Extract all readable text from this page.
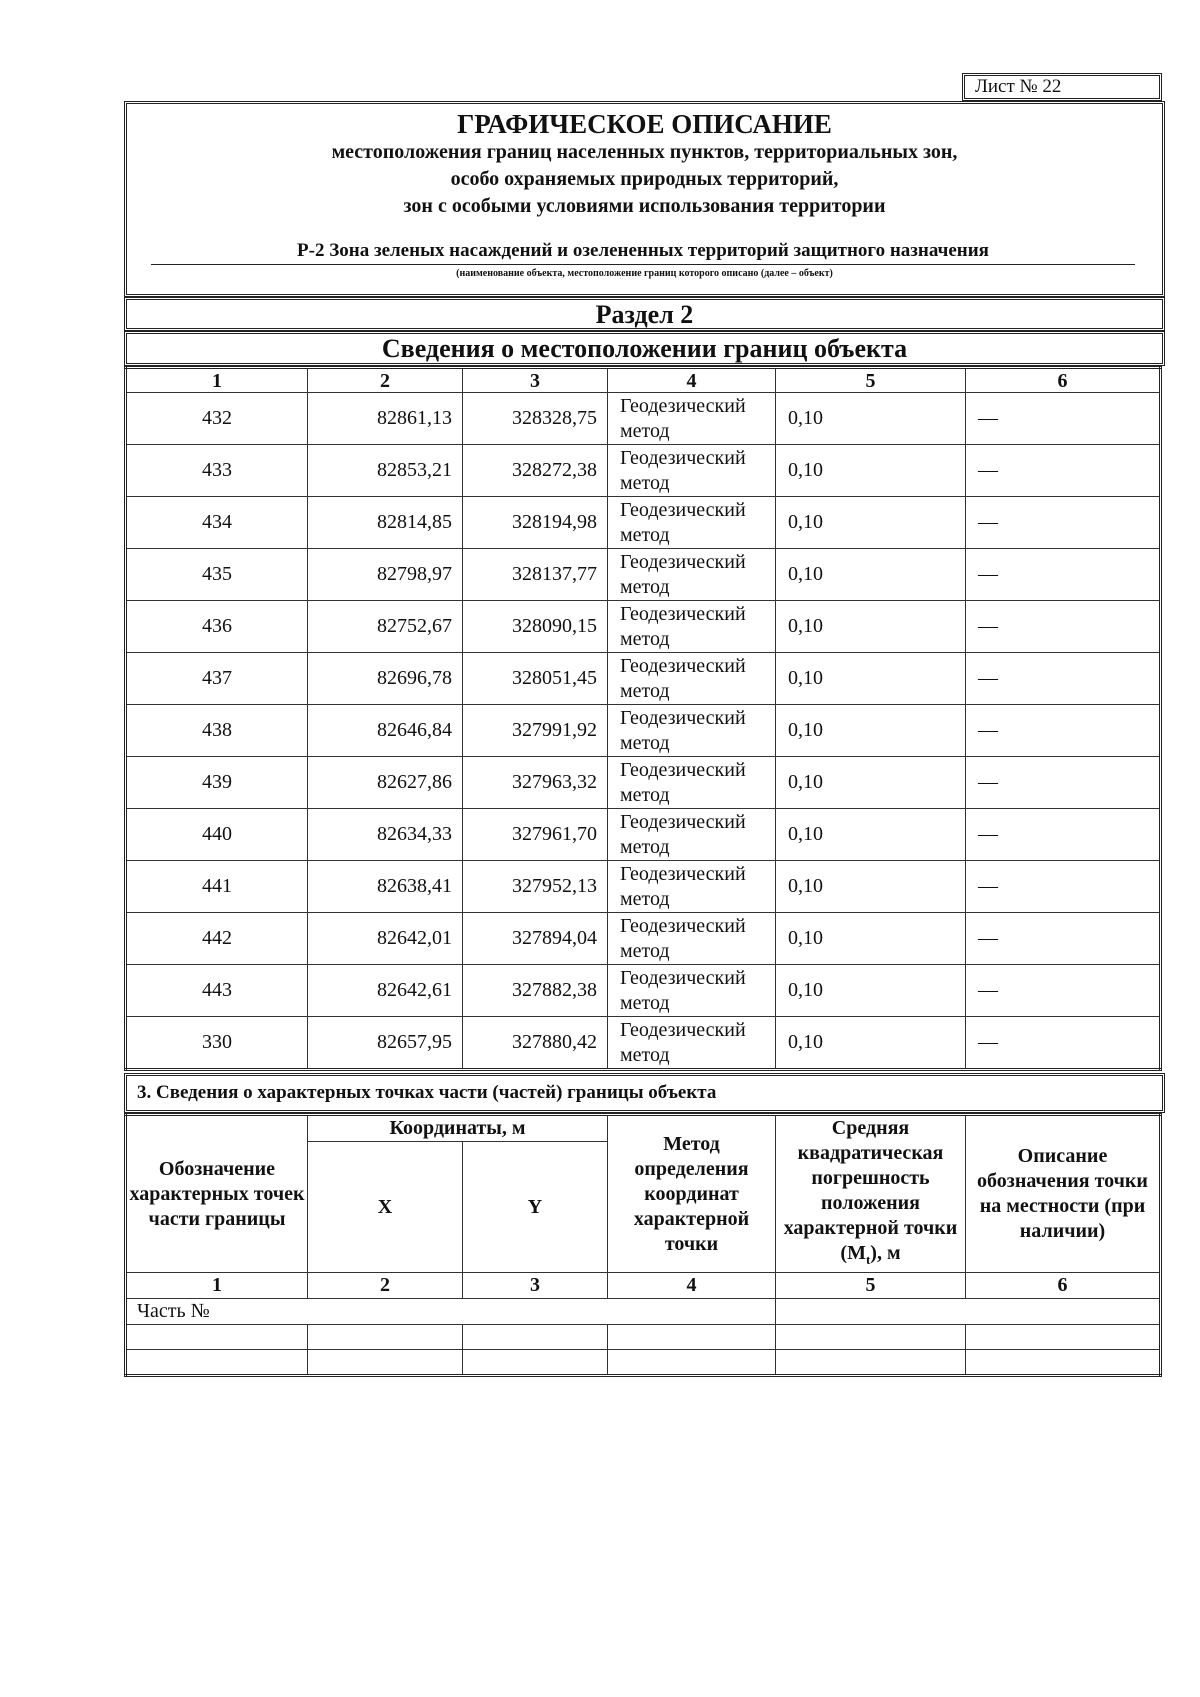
Лист № 22
ГРАФИЧЕСКОЕ ОПИСАНИЕ
местоположения границ населенных пунктов, территориальных зон,
особо охраняемых природных территорий,
зон с особыми условиями использования территории
Р-2 Зона зеленых насаждений и озелененных территорий защитного назначения
(наименование объекта, местоположение границ которого описано (далее – объект)
Раздел 2
Сведения о местоположении границ объекта
1	2	3	4	5	6
432	82861,13	328328,75	Геодезический метод	0,10	—
433	82853,21	328272,38	Геодезический метод	0,10	—
434	82814,85	328194,98	Геодезический метод	0,10	—
435	82798,97	328137,77	Геодезический метод	0,10	—
436	82752,67	328090,15	Геодезический метод	0,10	—
437	82696,78	328051,45	Геодезический метод	0,10	—
438	82646,84	327991,92	Геодезический метод	0,10	—
439	82627,86	327963,32	Геодезический метод	0,10	—
440	82634,33	327961,70	Геодезический метод	0,10	—
441	82638,41	327952,13	Геодезический метод	0,10	—
442	82642,01	327894,04	Геодезический метод	0,10	—
443	82642,61	327882,38	Геодезический метод	0,10	—
330	82657,95	327880,42	Геодезический метод	0,10	—
3. Сведения о характерных точках части (частей) границы объекта
Обозначение характерных точек части границы	Координаты, м		Метод определения координат характерной точки	Средняя квадратическая погрешность положения характерной точки $(M_t)$, м	Описание обозначения точки на местности (при наличии)
	X	Y			
1	2	3	4	5	6
Часть №					
